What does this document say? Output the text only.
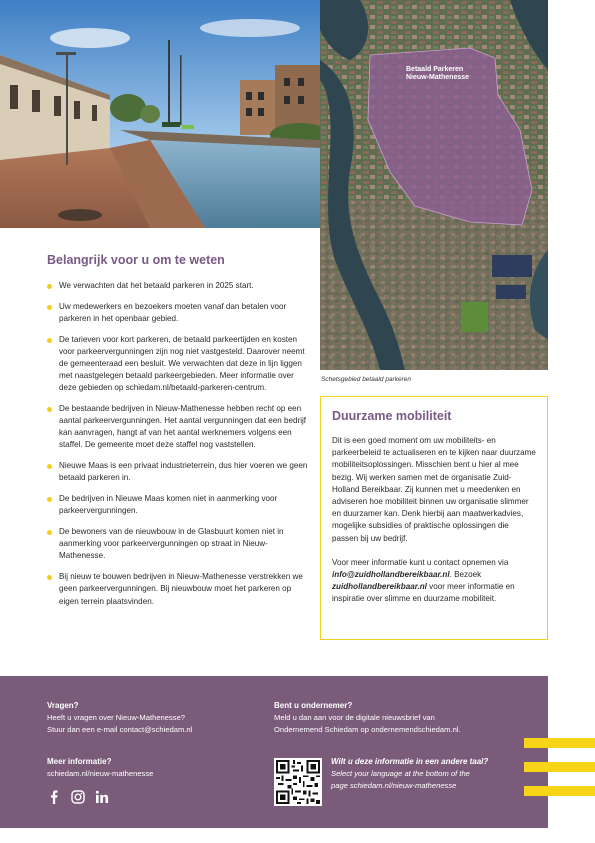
Betaald Parkeren
Nieuw-Mathenesse
Schetsgebied betaald parkeren
Belangrijk voor u om te weten
We verwachten dat het betaald parkeren in 2025 start.
Uw medewerkers en bezoekers moeten vanaf dan betalen voor parkeren in het openbaar gebied.
De tarieven voor kort parkeren, de betaald parkeertijden en kosten voor parkeervergunningen zijn nog niet vastgesteld. Daarover neemt de gemeenteraad een besluit. We verwachten dat deze in lijn liggen met naastgelegen betaald parkeergebieden. Meer informatie over deze gebieden op schiedam.nl/betaald-parkeren-centrum.
De bestaande bedrijven in Nieuw-Mathenesse hebben recht op een aantal parkeervergunningen. Het aantal vergunningen dat een bedrijf kan aanvragen, hangt af van het aantal werknemers volgens een staffel. De gemeente moet deze staffel nog vaststellen.
Nieuwe Maas is een privaat industrieterrein, dus hier voeren we geen betaald parkeren in.
De bedrijven in Nieuwe Maas komen niet in aanmerking voor parkeervergunningen.
De bewoners van de nieuwbouw in de Glasbuurt komen niet in aanmerking voor parkeervergunningen op straat in Nieuw-Mathenesse.
Bij nieuw te bouwen bedrijven in Nieuw-Mathenesse verstrekken we geen parkeervergunningen. Bij nieuwbouw moet het parkeren op eigen terrein plaatsvinden.
Duurzame mobiliteit

Dit is een goed moment om uw mobiliteits- en parkeerbeleid te actualiseren en te kijken naar duurzame mobiliteitsoplossingen. Misschien bent u hier al mee bezig. Wij werken samen met de organisatie Zuid-Holland Bereikbaar. Zij kunnen met u meedenken en adviseren hoe mobiliteit binnen uw organisatie slimmer en duurzamer kan. Denk hierbij aan maatwerkadvies, mogelijke subsidies of praktische oplossingen die passen bij uw bedrijf.

Voor meer informatie kunt u contact opnemen via info@zuidhollandbereikbaar.nl. Bezoek zuidhollandbereikbaar.nl voor meer informatie en inspiratie over slimme en duurzame mobiliteit.

Vragen?
Heeft u vragen over Nieuw-Mathenesse?
Stuur dan een e-mail contact@schiedam.nl
Meer informatie?
schiedam.nl/nieuw-mathenesse
Bent u ondernemer?
Meld u dan aan voor de digitale nieuwsbrief van
Ondernemend Schiedam op ondernemendschiedam.nl.
Wilt u deze informatie in een andere taal?
Select your language at the bottom of the
page schiedam.nl/nieuw-mathenesse
